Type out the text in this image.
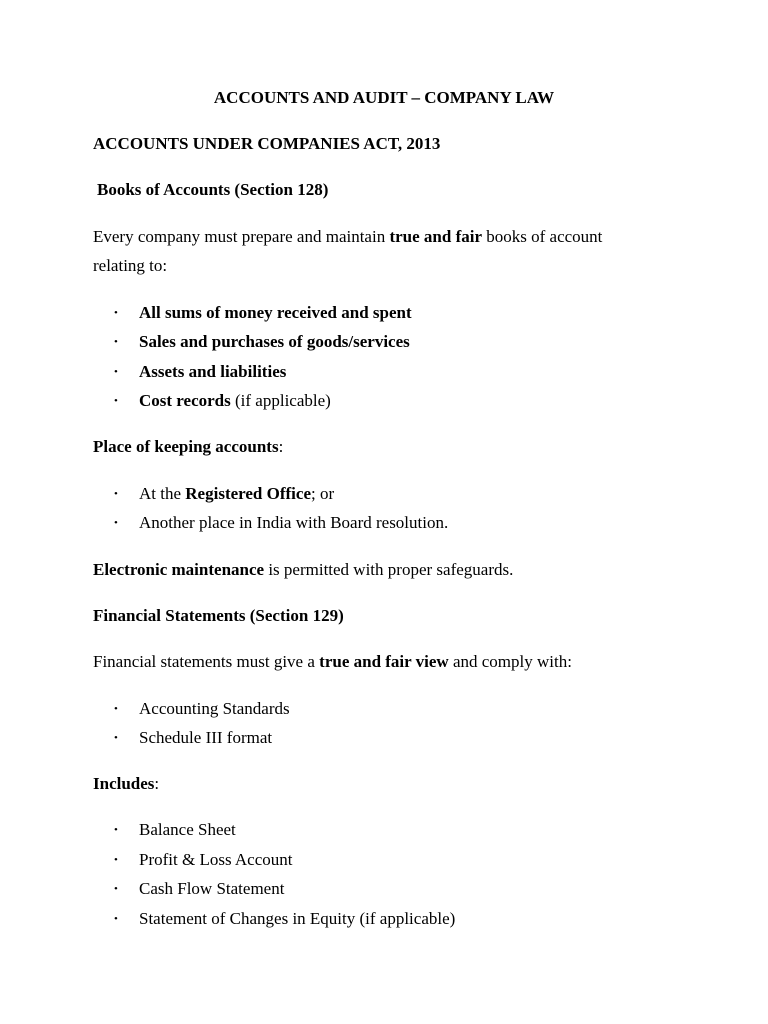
ACCOUNTS AND AUDIT – COMPANY LAW
ACCOUNTS UNDER COMPANIES ACT, 2013
Books of Accounts (Section 128)
Every company must prepare and maintain true and fair books of account
relating to:
• All sums of money received and spent
• Sales and purchases of goods/services
• Assets and liabilities
• Cost records (if applicable)
Place of keeping accounts:
• At the Registered Office; or
• Another place in India with Board resolution.
Electronic maintenance is permitted with proper safeguards.
Financial Statements (Section 129)
Financial statements must give a true and fair view and comply with:
• Accounting Standards
• Schedule III format
Includes:
• Balance Sheet
• Profit & Loss Account
• Cash Flow Statement
• Statement of Changes in Equity (if applicable)
